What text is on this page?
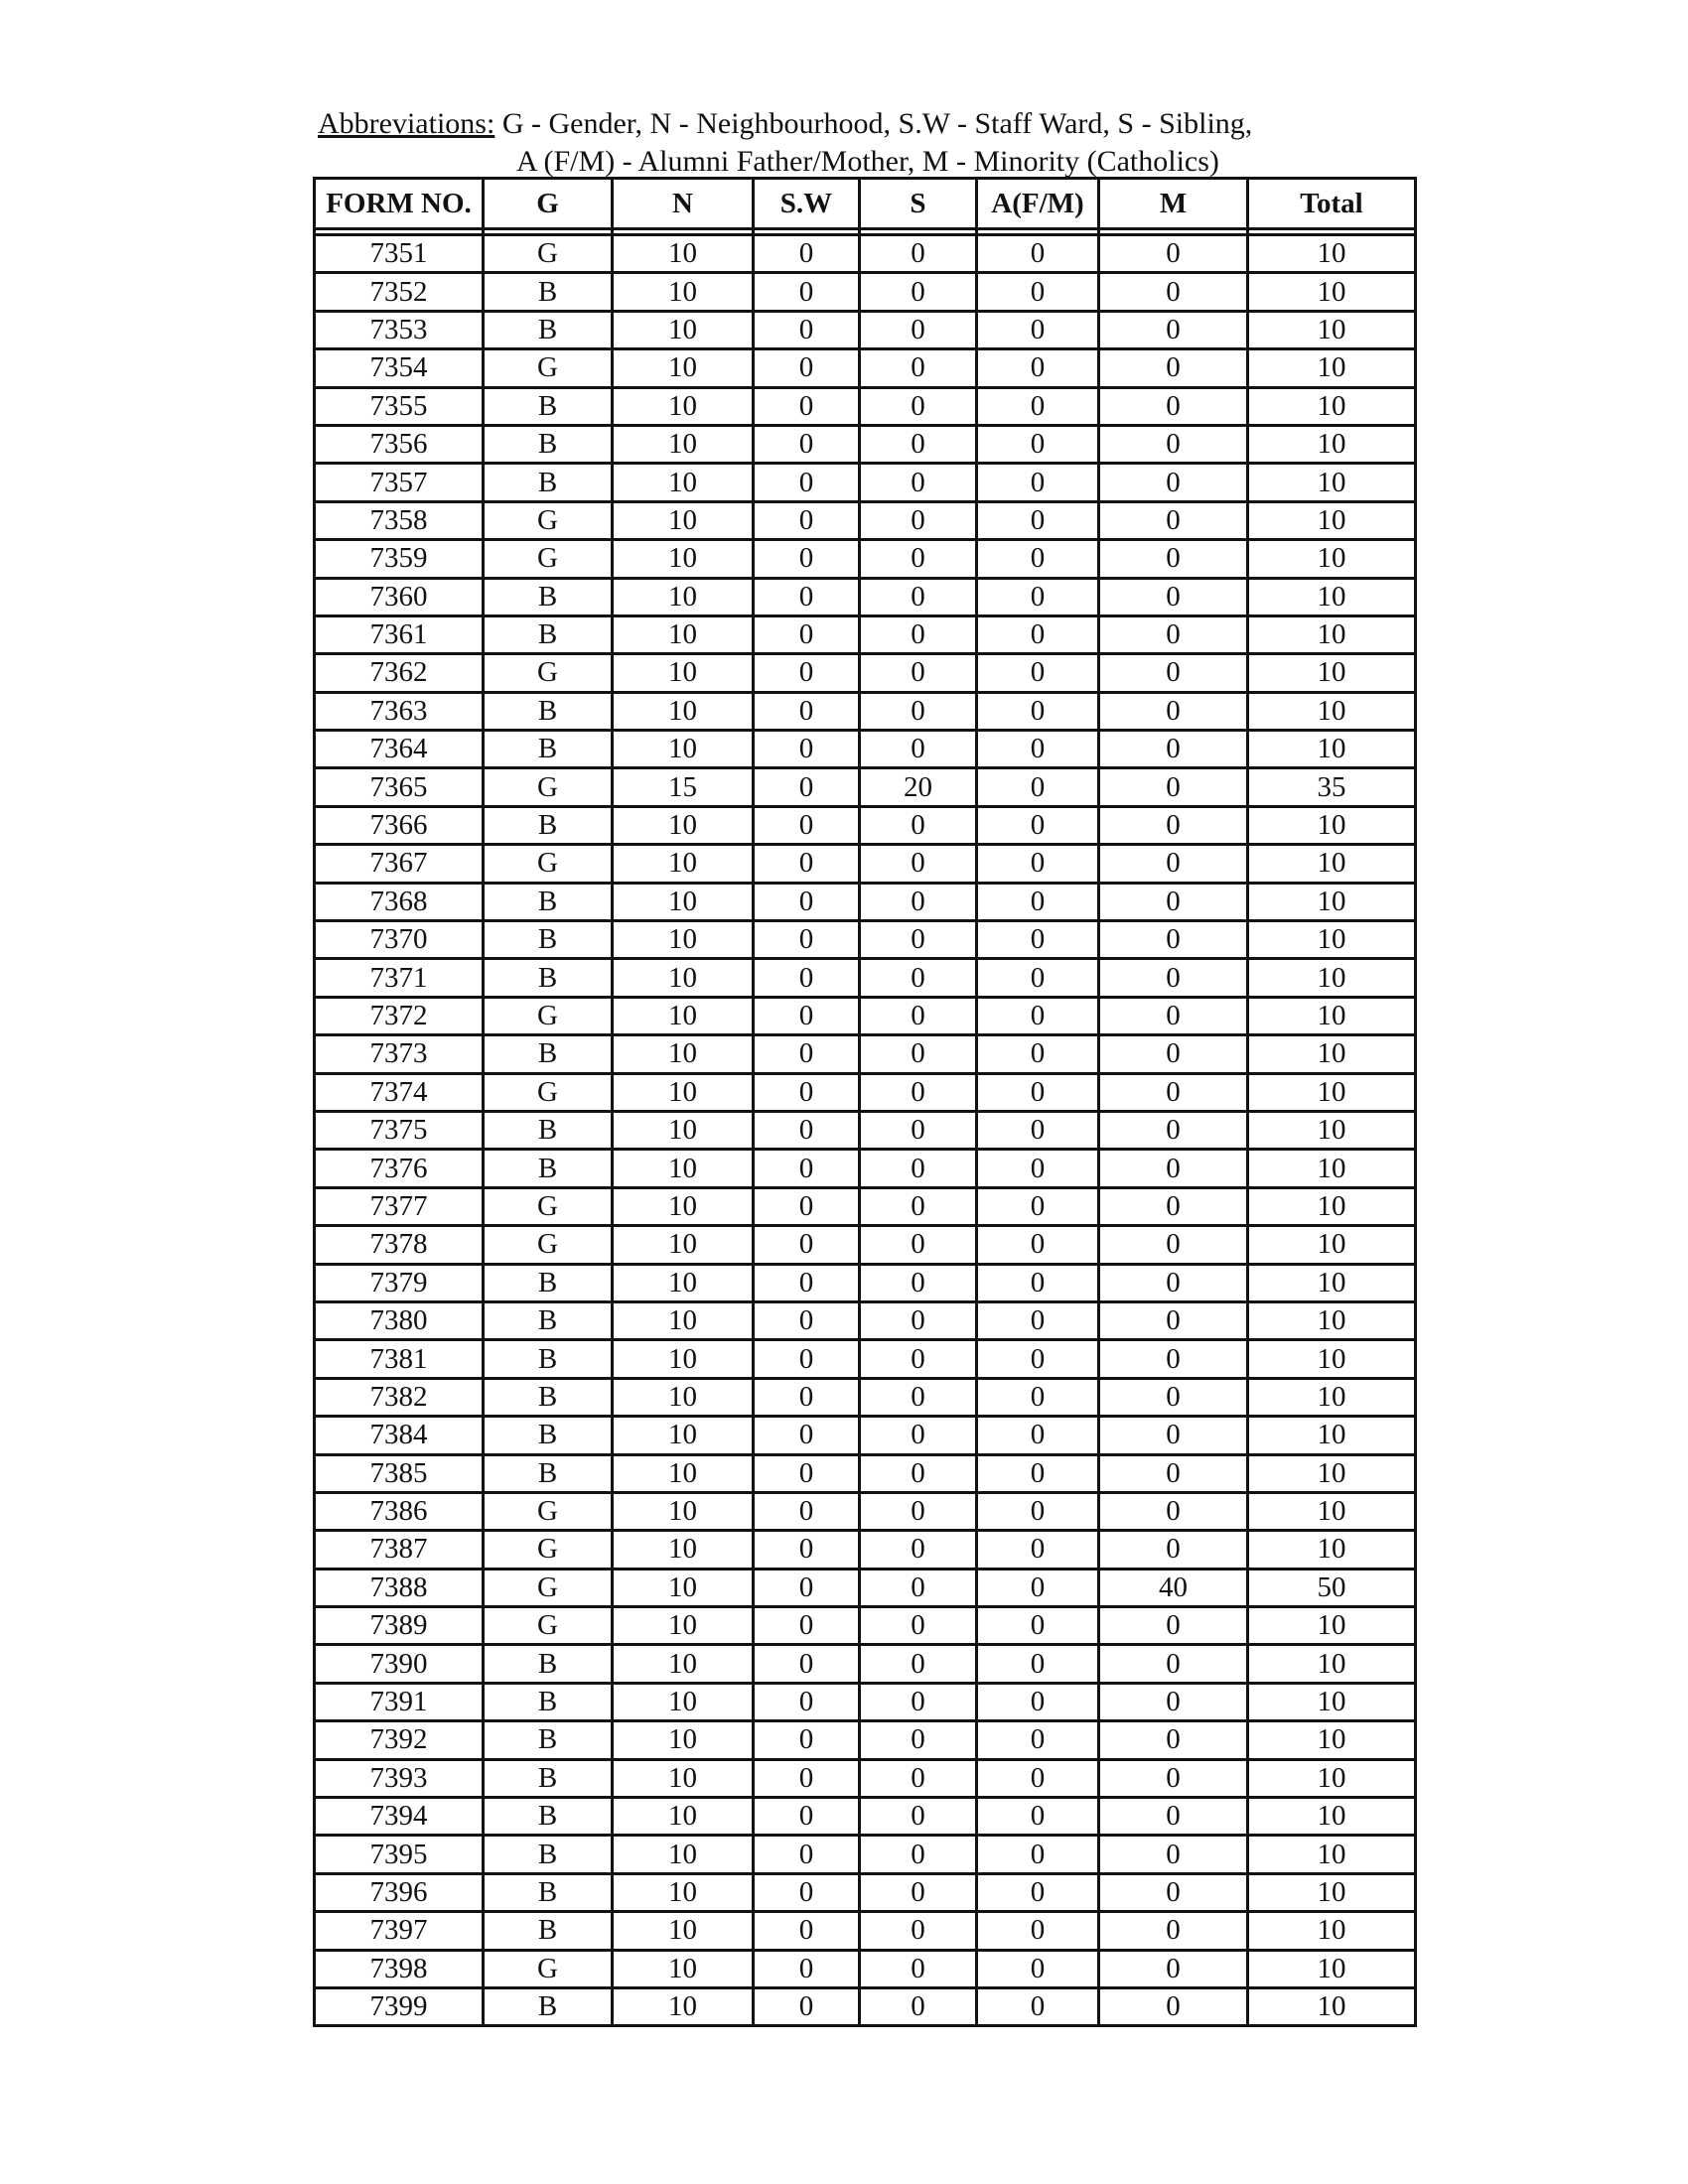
Abbreviations: G - Gender, N - Neighbourhood, S.W - Staff Ward, S - Sibling,
A (F/M) - Alumni Father/Mother, M - Minority (Catholics)
FORM NO.	G	N	S.W	S	A(F/M)	M	Total

7351	G	10	0	0	0	0	10
7352	B	10	0	0	0	0	10
7353	B	10	0	0	0	0	10
7354	G	10	0	0	0	0	10
7355	B	10	0	0	0	0	10
7356	B	10	0	0	0	0	10
7357	B	10	0	0	0	0	10
7358	G	10	0	0	0	0	10
7359	G	10	0	0	0	0	10
7360	B	10	0	0	0	0	10
7361	B	10	0	0	0	0	10
7362	G	10	0	0	0	0	10
7363	B	10	0	0	0	0	10
7364	B	10	0	0	0	0	10
7365	G	15	0	20	0	0	35
7366	B	10	0	0	0	0	10
7367	G	10	0	0	0	0	10
7368	B	10	0	0	0	0	10
7370	B	10	0	0	0	0	10
7371	B	10	0	0	0	0	10
7372	G	10	0	0	0	0	10
7373	B	10	0	0	0	0	10
7374	G	10	0	0	0	0	10
7375	B	10	0	0	0	0	10
7376	B	10	0	0	0	0	10
7377	G	10	0	0	0	0	10
7378	G	10	0	0	0	0	10
7379	B	10	0	0	0	0	10
7380	B	10	0	0	0	0	10
7381	B	10	0	0	0	0	10
7382	B	10	0	0	0	0	10
7384	B	10	0	0	0	0	10
7385	B	10	0	0	0	0	10
7386	G	10	0	0	0	0	10
7387	G	10	0	0	0	0	10
7388	G	10	0	0	0	40	50
7389	G	10	0	0	0	0	10
7390	B	10	0	0	0	0	10
7391	B	10	0	0	0	0	10
7392	B	10	0	0	0	0	10
7393	B	10	0	0	0	0	10
7394	B	10	0	0	0	0	10
7395	B	10	0	0	0	0	10
7396	B	10	0	0	0	0	10
7397	B	10	0	0	0	0	10
7398	G	10	0	0	0	0	10
7399	B	10	0	0	0	0	10
